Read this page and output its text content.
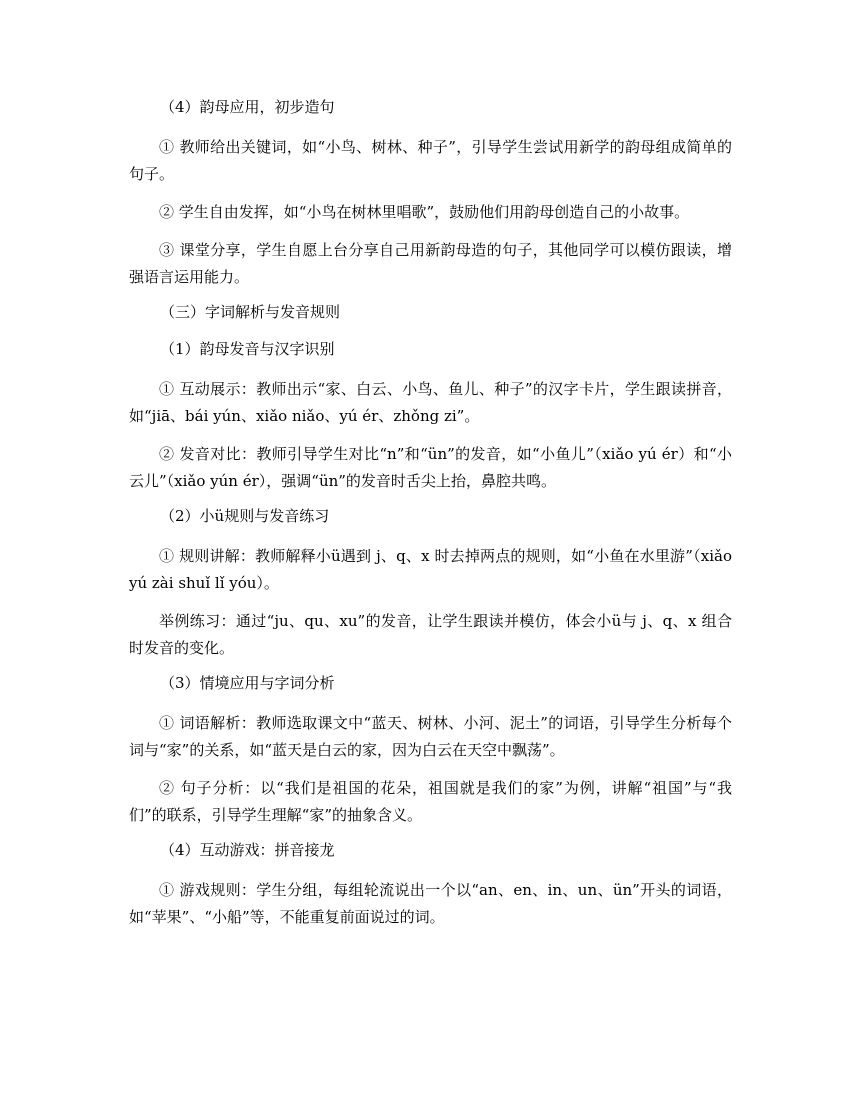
（4）韵母应用，初步造句

① 教师给出关键词，如“小鸟、树林、种子”，引导学生尝试用新学的韵母组成简单的句子。

② 学生自由发挥，如“小鸟在树林里唱歌”，鼓励他们用韵母创造自己的小故事。

③ 课堂分享，学生自愿上台分享自己用新韵母造的句子，其他同学可以模仿跟读，增强语言运用能力。

（三）字词解析与发音规则
（1）韵母发音与汉字识别

① 互动展示：教师出示“家、白云、小鸟、鱼儿、种子”的汉字卡片，学生跟读拼音，如“jiā、bái yún、xiǎo niǎo、yú ér、zhǒng zi”。

② 发音对比：教师引导学生对比“n”和“ün”的发音，如“小鱼儿”（xiǎo yú ér）和“小云儿”（xiǎo yún ér），强调“ün”的发音时舌尖上抬，鼻腔共鸣。

（2）小ü规则与发音练习

① 规则讲解：教师解释小ü遇到 j、q、x 时去掉两点的规则，如“小鱼在水里游”（xiǎo yú zài shuǐ lǐ yóu）。

举例练习：通过“ju、qu、xu”的发音，让学生跟读并模仿，体会小ü与 j、q、x 组合时发音的变化。

（3）情境应用与字词分析

① 词语解析：教师选取课文中“蓝天、树林、小河、泥土”的词语，引导学生分析每个词与“家”的关系，如“蓝天是白云的家，因为白云在天空中飘荡”。

② 句子分析：以“我们是祖国的花朵，祖国就是我们的家”为例，讲解“祖国”与“我们”的联系，引导学生理解“家”的抽象含义。

（4）互动游戏：拼音接龙

① 游戏规则：学生分组，每组轮流说出一个以“an、en、in、un、ün”开头的词语，如“苹果”、“小船”等，不能重复前面说过的词。
